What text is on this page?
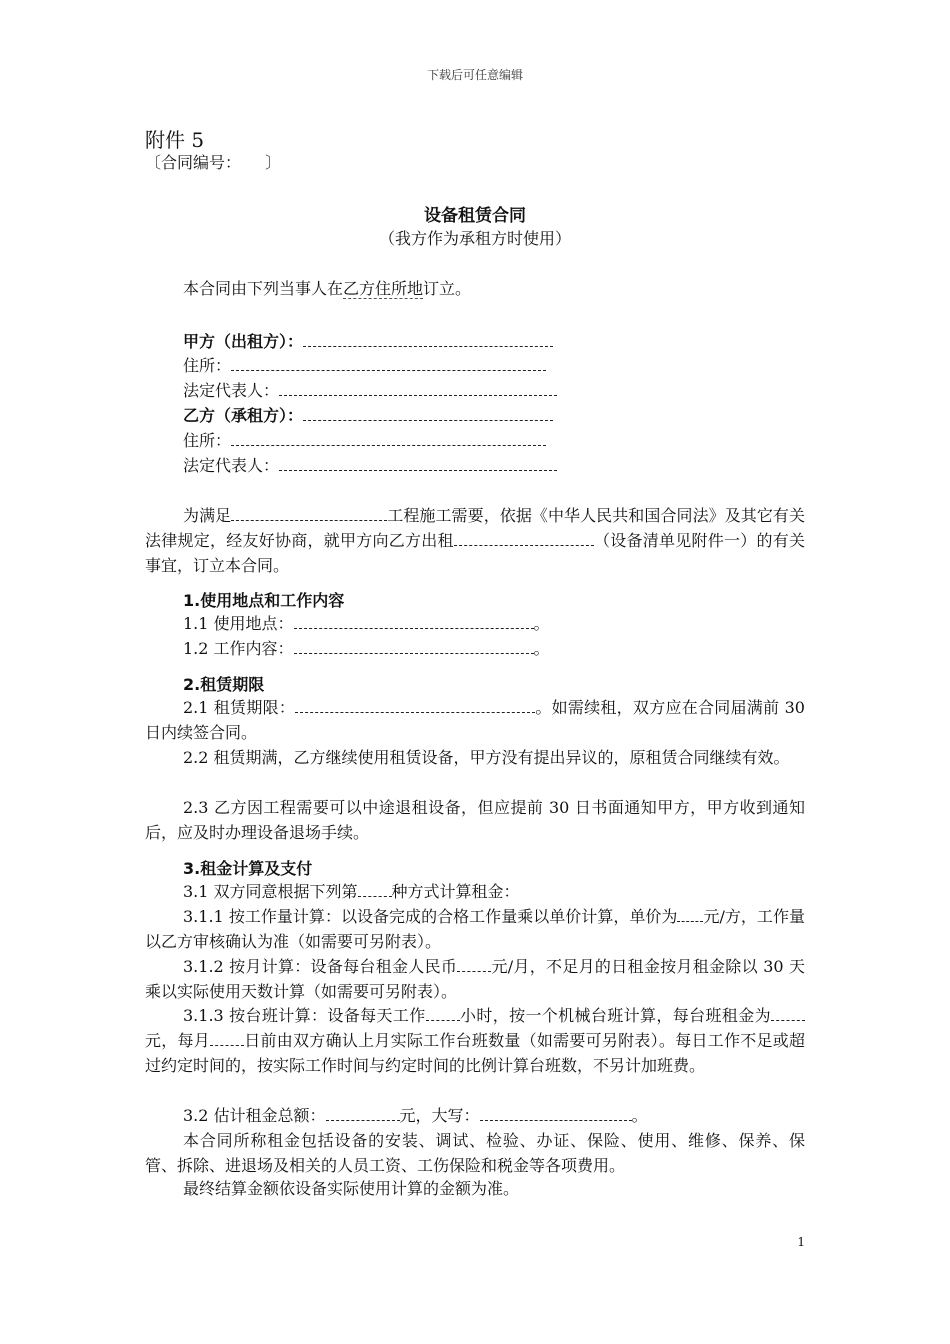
下载后可任意编辑
附件 5
〔合同编号：　　〕
设备租赁合同
（我方作为承租方时使用）
本合同由下列当事人在乙方住所地订立。
甲方（出租方）：
住所：
法定代表人：
乙方（承租方）：
住所：
法定代表人：
为满足	工程施工需要，依据《中华人民共和国合同法》及其它有关法律规定，经友好协商，就甲方向乙方出租	（设备清单见附件一）的有关事宜，订立本合同。
1.使用地点和工作内容
1.1 使用地点：	。
1.2 工作内容：	。
2.租赁期限
2.1 租赁期限：	。如需续租，双方应在合同届满前 30 日内续签合同。
2.2 租赁期满，乙方继续使用租赁设备，甲方没有提出异议的，原租赁合同继续有效。
2.3 乙方因工程需要可以中途退租设备，但应提前 30 日书面通知甲方，甲方收到通知后，应及时办理设备退场手续。
3.租金计算及支付
3.1 双方同意根据下列第 种方式计算租金：
3.1.1 按工作量计算：以设备完成的合格工作量乘以单价计算，单价为 元/方，工作量以乙方审核确认为准（如需要可另附表）。
3.1.2 按月计算：设备每台租金人民币 元/月，不足月的日租金按月租金除以 30 天乘以实际使用天数计算（如需要可另附表）。
3.1.3 按台班计算：设备每天工作 小时，按一个机械台班计算，每台班租金为元，每月 日前由双方确认上月实际工作台班数量（如需要可另附表）。每日工作不足或超过约定时间的，按实际工作时间与约定时间的比例计算台班数，不另计加班费。
3.2 估计租金总额：	元，大写：	。
本合同所称租金包括设备的安装、调试、检验、办证、保险、使用、维修、保养、保管、拆除、进退场及相关的人员工资、工伤保险和税金等各项费用。
最终结算金额依设备实际使用计算的金额为准。
1
